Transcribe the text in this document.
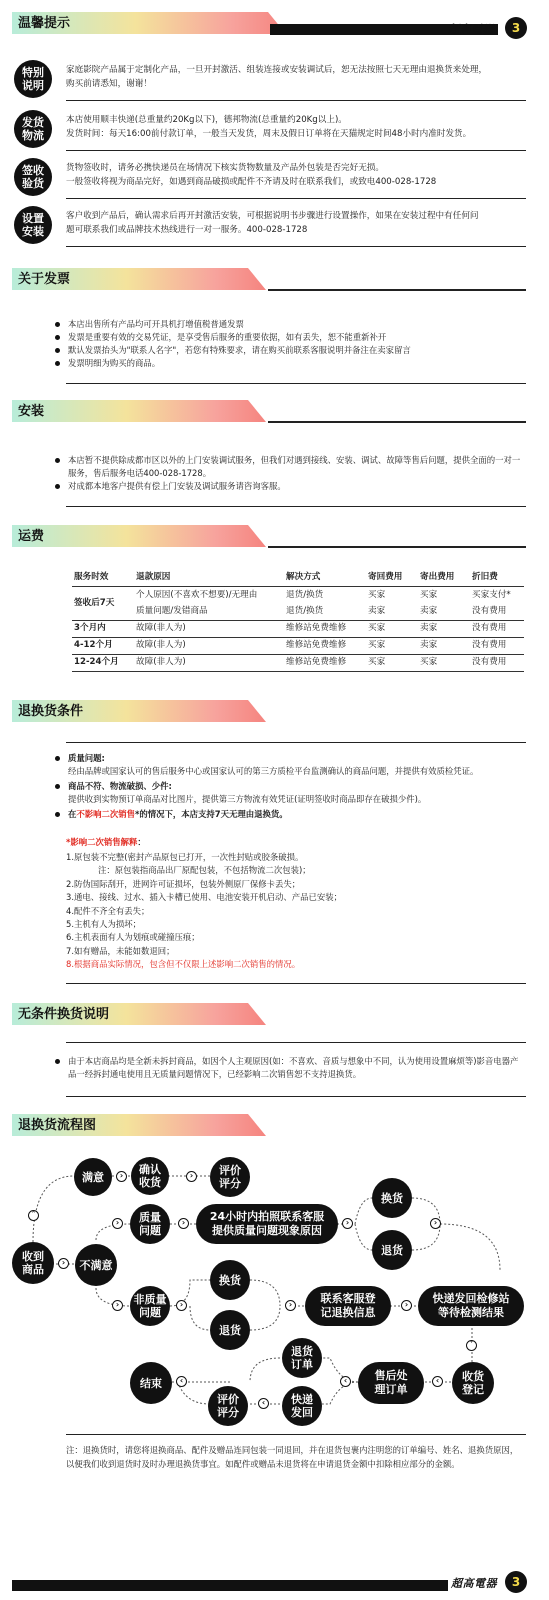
温馨提示	超高電器	3
特别
说明
家庭影院产品属于定制化产品，一旦开封激活、组装连接或安装调试后，恕无法按照七天无理由退换货来处理，
购买前请悉知，谢谢！
发货
物流
本店使用顺丰快递(总重量约20Kg以下)，德邦物流(总重量约20Kg以上)。
发货时间：每天16:00前付款订单，一般当天发货，周末及假日订单将在天猫规定时间48小时内准时发货。
签收
验货
货物签收时，请务必携快递员在场情况下核实货物数量及产品外包装是否完好无损。
一般签收将视为商品完好，如遇到商品破损或配件不齐请及时在联系我们，或致电400-028-1728
设置
安装
客户收到产品后，确认需求后再开封激活安装，可根据说明书步骤进行设置操作，如果在安装过程中有任何问
题可联系我们或品牌技术热线进行一对一服务。400-028-1728
关于发票
本店出售所有产品均可开具机打增值税普通发票
发票是重要有效的交易凭证，是享受售后服务的重要依据，如有丢失，恕不能重新补开
默认发票抬头为"联系人名字"，若您有特殊要求，请在购买前联系客服说明并备注在卖家留言
发票明细为购买的商品。
安装
本店暂不提供除成都市区以外的上门安装调试服务，但我们对遇到接线、安装、调试、故障等售后问题，提供全面的一对一服务，售后服务电话400-028-1728。
对成都本地客户提供有偿上门安装及调试服务请咨询客服。
运费
服务时效	退款原因	解决方式	寄回费用	寄出费用	折旧费
签收后7天	个人原因(不喜欢不想要)/无理由	退货/换货	买家	买家	买家支付*
	质量问题/发错商品	退货/换货	卖家	卖家	没有费用
3个月内	故障(非人为)	维修站免费维修	买家	卖家	没有费用
4-12个月	故障(非人为)	维修站免费维修	买家	卖家	没有费用
12-24个月	故障(非人为)	维修站免费维修	买家	买家	没有费用
退换货条件
质量问题:
经由品牌或国家认可的售后服务中心或国家认可的第三方质检平台监测确认的商品问题，并提供有效质检凭证。
商品不符、物流破损、少件:
提供收到实物预订单商品对比图片，提供第三方物流有效凭证(证明签收时商品即存在破损少件)。
在不影响二次销售*的情况下，本店支持7天无理由退换货。
*影响二次销售解释：
1.原包装不完整(密封产品原包已打开，一次性封贴或胶条破损。
注：原包装指商品出厂原配包装，不包括物流二次包装)；
2.防伪国际刮开，进网许可证损坏，包装外侧原厂保修卡丢失；
3.通电、接线、过水、插入卡槽已使用、电池安装开机启动、产品已安装；
4.配件不齐全有丢失；
5.主机有人为损坏；
6.主机表面有人为划痕或碰撞压痕；
7.如有赠品，未能如数退回；
8.根据商品实际情况，包含但不仅限上述影响二次销售的情况。
无条件换货说明
由于本店商品均是全新未拆封商品，如因个人主观原因(如：不喜欢、音质与想象中不同，认为使用设置麻烦等)影音电器产品一经拆封通电使用且无质量问题情况下，已经影响二次销售恕不支持退换货。
退换货流程图
收到
商品
满意	›	确认
收货
›	评价
评分
不满意
›
›
›
˄	质量
问题
›	24小时内拍照联系客服
提供质量问题现象原因
›
换货
退货
›
非质量
问题
›
换货
退货
›	联系客服登
记退换信息
›	快递发回检修站
等待检测结果
˅
收货
登记
‹
售后处
理订单
‹
退货
订单
快递
发回
‹
评价
评分
‹
结束
注：退换货时，请您将退换商品、配件及赠品连同包装一同退回，并在退货包裹内注明您的订单编号、姓名、退换货原因，以便我们收到退货时及时办理退换货事宜。如配件或赠品未退货将在申请退货金额中扣除相应部分的金额。
超高電器	3
